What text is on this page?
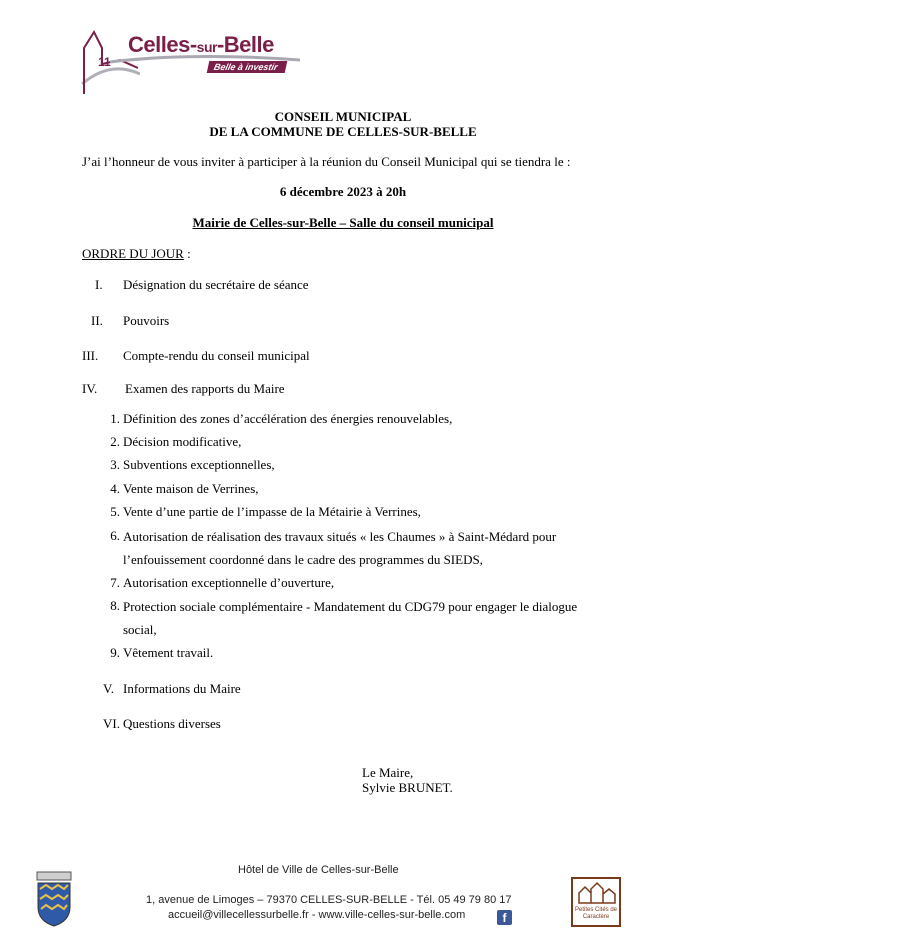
11
Celles-sur-Belle
Belle à investir
CONSEIL MUNICIPAL
DE LA COMMUNE DE CELLES-SUR-BELLE
J’ai l’honneur de vous inviter à participer à la réunion du Conseil Municipal qui se tiendra le :
6 décembre 2023 à 20h
Mairie de Celles-sur-Belle – Salle du conseil municipal
ORDRE DU JOUR :
I. Désignation du secrétaire de séance
II. Pouvoirs
III. Compte-rendu du conseil municipal
IV. Examen des rapports du Maire
1. Définition des zones d’accélération des énergies renouvelables,
2. Décision modificative,
3. Subventions exceptionnelles,
4. Vente maison de Verrines,
5. Vente d’une partie de l’impasse de la Métairie à Verrines,
6. Autorisation de réalisation des travaux situés « les Chaumes » à Saint-Médard pour l’enfouissement coordonné dans le cadre des programmes du SIEDS,
7. Autorisation exceptionnelle d’ouverture,
8. Protection sociale complémentaire - Mandatement du CDG79 pour engager le dialogue social,
9. Vêtement travail.
V. Informations du Maire
VI. Questions diverses
Le Maire,
Sylvie BRUNET.
Hôtel de Ville de Celles-sur-Belle
1, avenue de Limoges – 79370 CELLES-SUR-BELLE - Tél. 05 49 79 80 17
accueil@villecellessurbelle.fr - www.ville-celles-sur-belle.com	f
Petites Cités de Caractère
